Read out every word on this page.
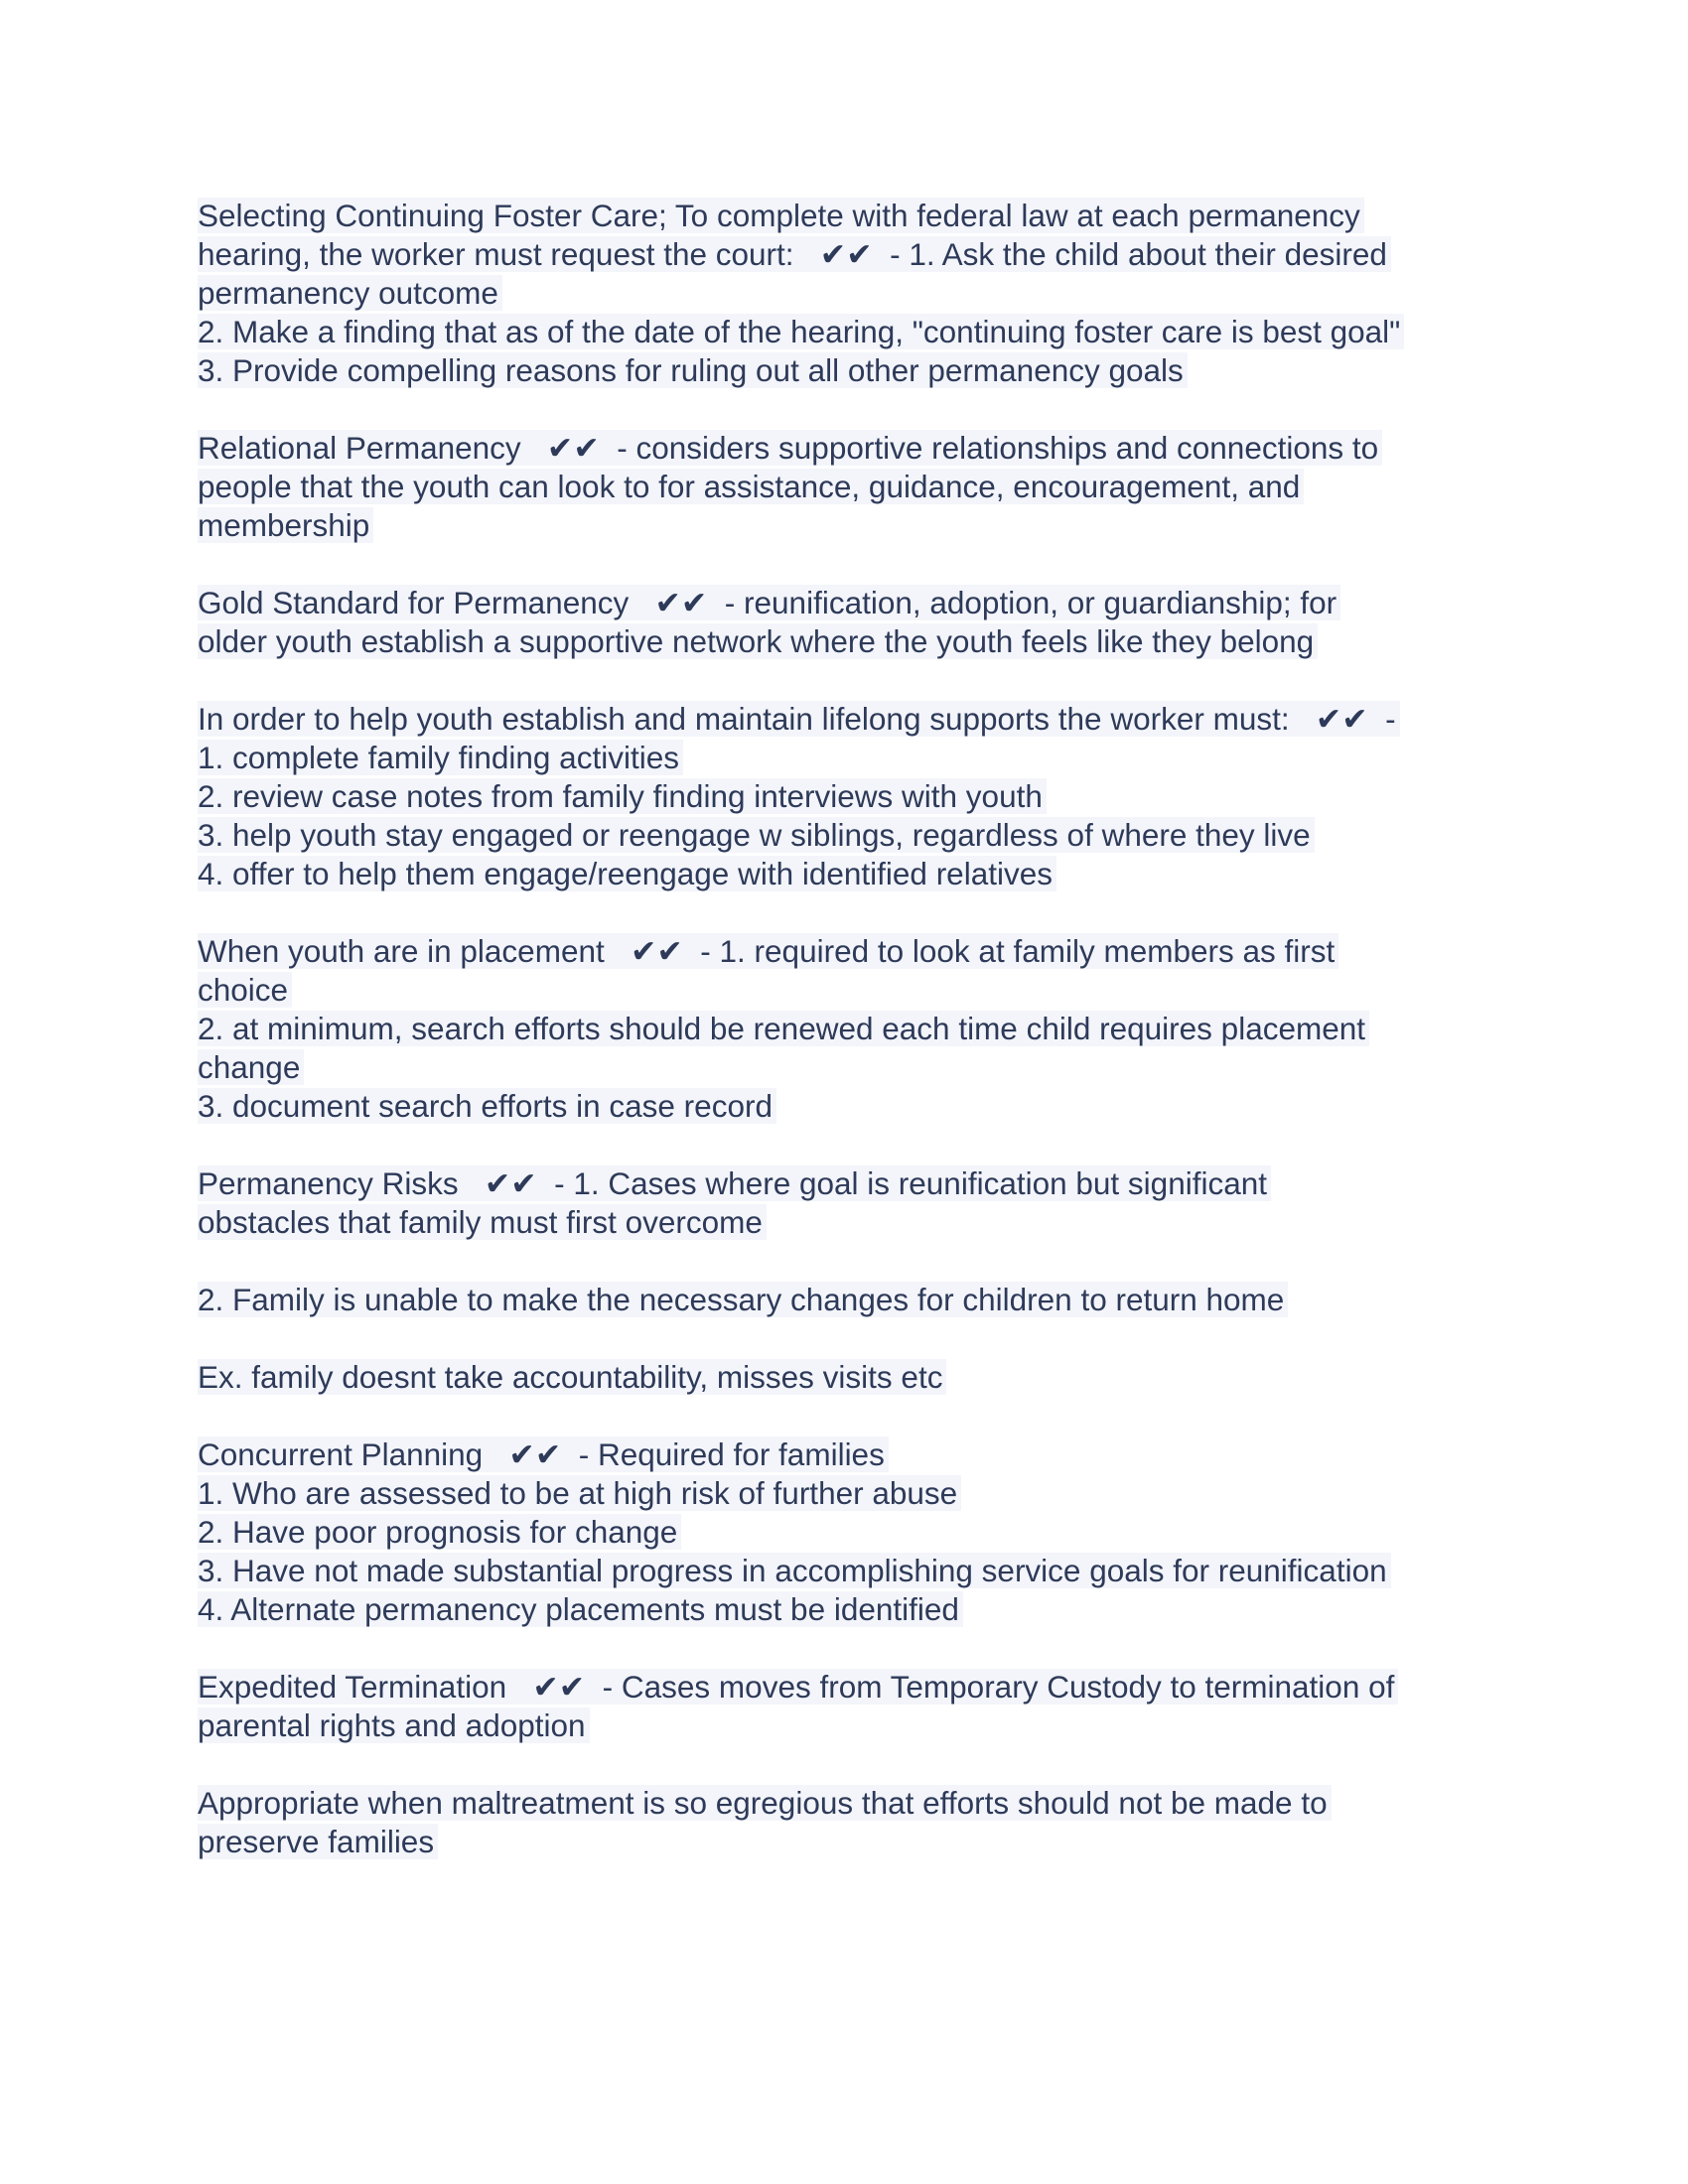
Selecting Continuing Foster Care; To complete with federal law at each permanency
hearing, the worker must request the court:   ✔✔  - 1. Ask the child about their desired
permanency outcome
2. Make a finding that as of the date of the hearing, "continuing foster care is best goal"
3. Provide compelling reasons for ruling out all other permanency goals
Relational Permanency   ✔✔  - considers supportive relationships and connections to
people that the youth can look to for assistance, guidance, encouragement, and
membership
Gold Standard for Permanency   ✔✔  - reunification, adoption, or guardianship; for
older youth establish a supportive network where the youth feels like they belong
In order to help youth establish and maintain lifelong supports the worker must:   ✔✔  -
1. complete family finding activities
2. review case notes from family finding interviews with youth
3. help youth stay engaged or reengage w siblings, regardless of where they live
4. offer to help them engage/reengage with identified relatives
When youth are in placement   ✔✔  - 1. required to look at family members as first
choice
2. at minimum, search efforts should be renewed each time child requires placement
change
3. document search efforts in case record
Permanency Risks   ✔✔  - 1. Cases where goal is reunification but significant
obstacles that family must first overcome
2. Family is unable to make the necessary changes for children to return home
Ex. family doesnt take accountability, misses visits etc
Concurrent Planning   ✔✔  - Required for families
1. Who are assessed to be at high risk of further abuse
2. Have poor prognosis for change
3. Have not made substantial progress in accomplishing service goals for reunification
4. Alternate permanency placements must be identified
Expedited Termination   ✔✔  - Cases moves from Temporary Custody to termination of
parental rights and adoption
Appropriate when maltreatment is so egregious that efforts should not be made to
preserve families
